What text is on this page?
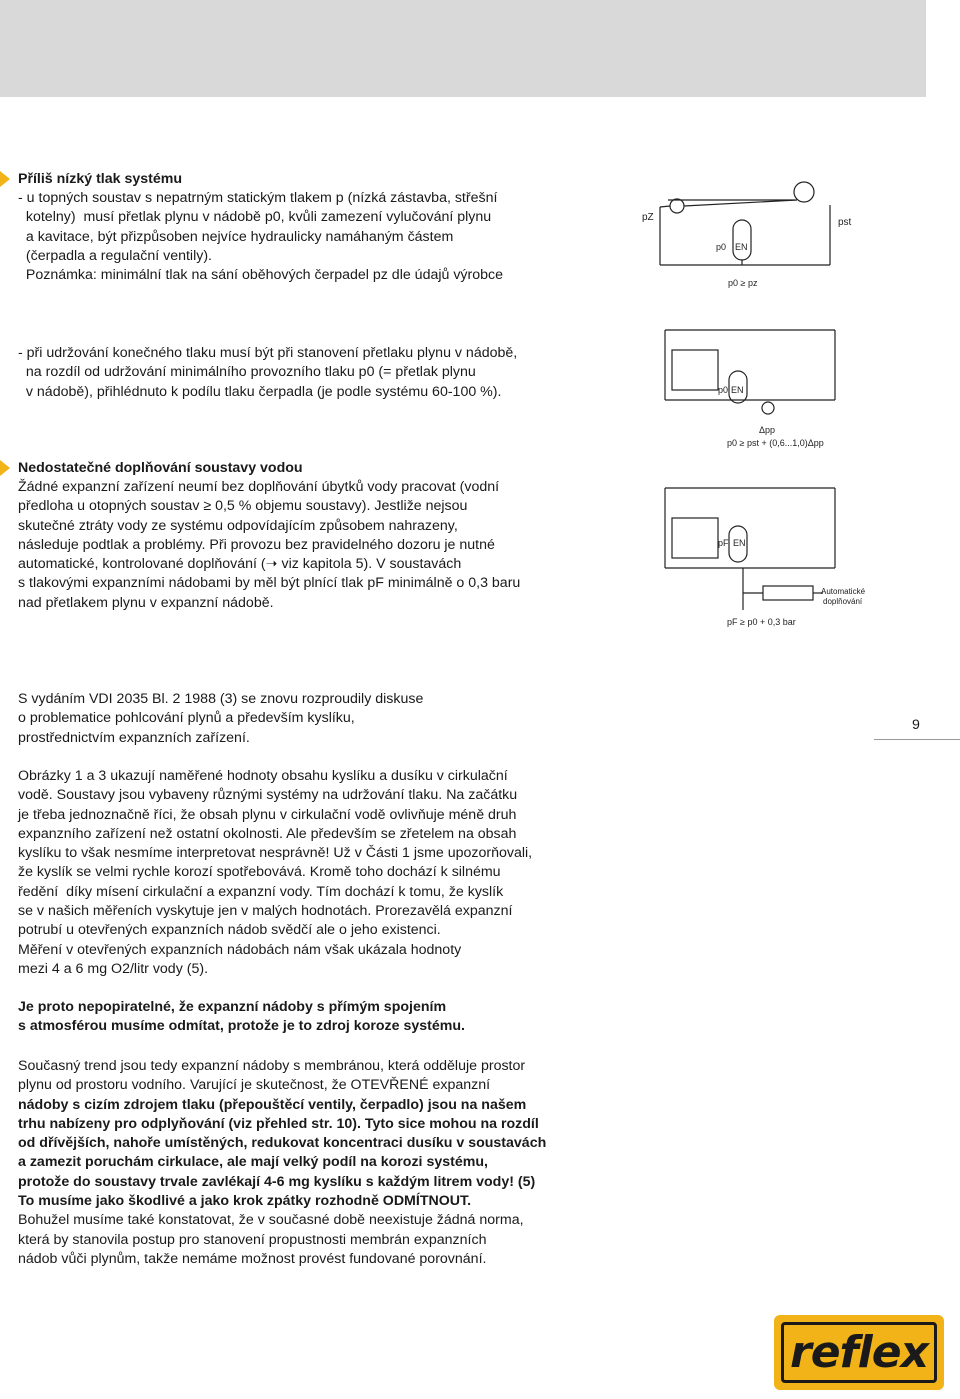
Příliš nízký tlak systému
- u topných soustav s nepatrným statickým tlakem p (nízká zástavba, střešní
kotelny)  musí přetlak plynu v nádobě p0, kvůli zamezení vylučování plynu
a kavitace, být přizpůsoben nejvíce hydraulicky namáhaným částem
(čerpadla a regulační ventily).
Poznámka: minimální tlak na sání oběhových čerpadel pz dle údajů výrobce
pZ	pst
EN
p0
p0 ≥ pz
- při udržování konečného tlaku musí být při stanovení přetlaku plynu v nádobě,
na rozdíl od udržování minimálního provozního tlaku p0 (= přetlak plynu
v nádobě), přihlédnuto k podílu tlaku čerpadla (je podle systému 60-100 %).	p0 EN
Δpp
p0 ≥ pst + (0,6...1,0)Δpp
Nedostatečné doplňování soustavy vodou
Žádné expanzní zařízení neumí bez doplňování úbytků vody pracovat (vodní
předloha u otopných soustav ≥ 0,5 % objemu soustavy). Jestliže nejsou
skutečné ztráty vody ze systému odpovídajícím způsobem nahrazeny,
následuje podtlak a problémy. Při provozu bez pravidelného dozoru je nutné
automatické, kontrolované doplňování (➝ viz kapitola 5). V soustavách
s tlakovými expanzními nádobami by měl být plnící tlak pF minimálně o 0,3 baru
nad přetlakem plynu v expanzní nádobě.
pF EN
Automatické
doplňování
pF ≥ p0 + 0,3 bar
S vydáním VDI 2035 Bl. 2 1988 (3) se znovu rozproudily diskuse
o problematice pohlcování plynů a především kyslíku,
prostřednictvím expanzních zařízení.
9
Obrázky 1 a 3 ukazují naměřené hodnoty obsahu kyslíku a dusíku v cirkulační
vodě. Soustavy jsou vybaveny různými systémy na udržování tlaku. Na začátku
je třeba jednoznačně říci, že obsah plynu v cirkulační vodě ovlivňuje méně druh
expanzního zařízení než ostatní okolnosti. Ale především se zřetelem na obsah
kyslíku to však nesmíme interpretovat nesprávně! Už v Části 1 jsme upozorňovali,
že kyslík se velmi rychle korozí spotřebovává. Kromě toho dochází k silnému
ředění  díky mísení cirkulační a expanzní vody. Tím dochází k tomu, že kyslík
se v našich měřeních vyskytuje jen v malých hodnotách. Prorezavělá expanzní
potrubí u otevřených expanzních nádob svědčí ale o jeho existenci.
Měření v otevřených expanzních nádobách nám však ukázala hodnoty
mezi 4 a 6 mg O2/litr vody (5).
Je proto nepopiratelné, že expanzní nádoby s přímým spojením
s atmosférou musíme odmítat, protože je to zdroj koroze systému.
Současný trend jsou tedy expanzní nádoby s membránou, která odděluje prostor
plynu od prostoru vodního. Varující je skutečnost, že OTEVŘENÉ expanzní
nádoby s cizím zdrojem tlaku (přepouštěcí ventily, čerpadlo) jsou na našem
trhu nabízeny pro odplyňování (viz přehled str. 10). Tyto sice mohou na rozdíl
od dřívějších, nahoře umístěných, redukovat koncentraci dusíku v soustavách
a zamezit poruchám cirkulace, ale mají velký podíl na korozi systému,
protože do soustavy trvale zavlékají 4-6 mg kyslíku s každým litrem vody! (5)
To musíme jako škodlivé a jako krok zpátky rozhodně ODMÍTNOUT.
Bohužel musíme také konstatovat, že v současné době neexistuje žádná norma,
která by stanovila postup pro stanovení propustnosti membrán expanzních
nádob vůči plynům, takže nemáme možnost provést fundované porovnání.
reflex
